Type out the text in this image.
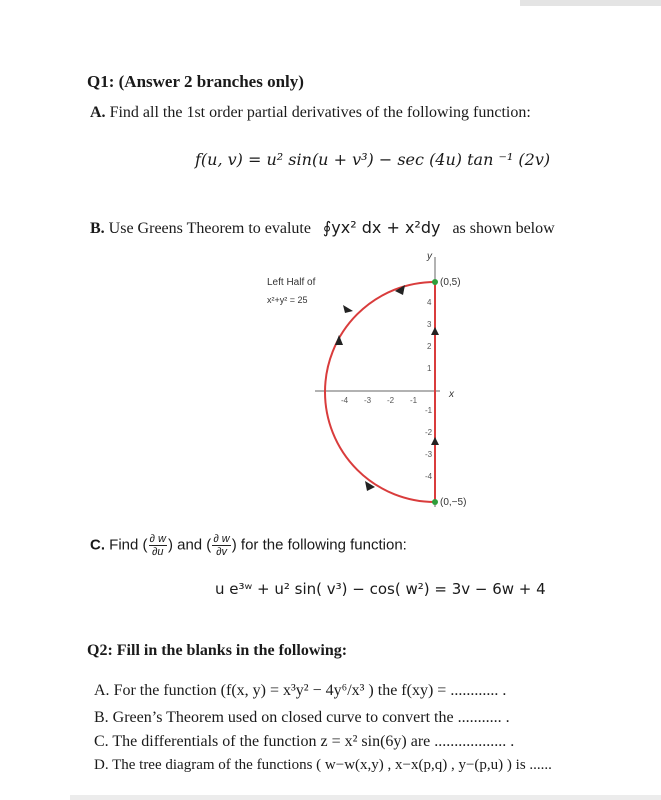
Q1: (Answer 2 branches only)
A. Find all the 1st order partial derivatives of the following function:
f(u, v) = u² sin(u + v³) − sec (4u) tan ⁻¹ (2v)
B. Use Greens Theorem to evalute ∮yx² dx + x²dy as shown below
y
x
-4 -3 -2 -1
4
3
2
1
-1
-2
-3
-4
(0,5)
(0,−5)
Left Half of
x²+y² = 25
C. Find ( $\frac{\partial w}{\partial u}$ ) and ( $\frac{\partial w}{\partial v}$ ) for the following function:
u e³ʷ + u² sin( v³) − cos( w²) = 3v − 6w + 4
Q2: Fill in the blanks in the following:
A. For the function (f(x, y) = x³y² − 4y⁶/x³ ) the f(xy) = ............ .
B. Green’s Theorem used on closed curve to convert the ........... .
C. The differentials of the function z = x² sin(6y) are .................. .
D. The tree diagram of the functions ( w−w(x,y) , x−x(p,q) , y−(p,u) ) is ......
